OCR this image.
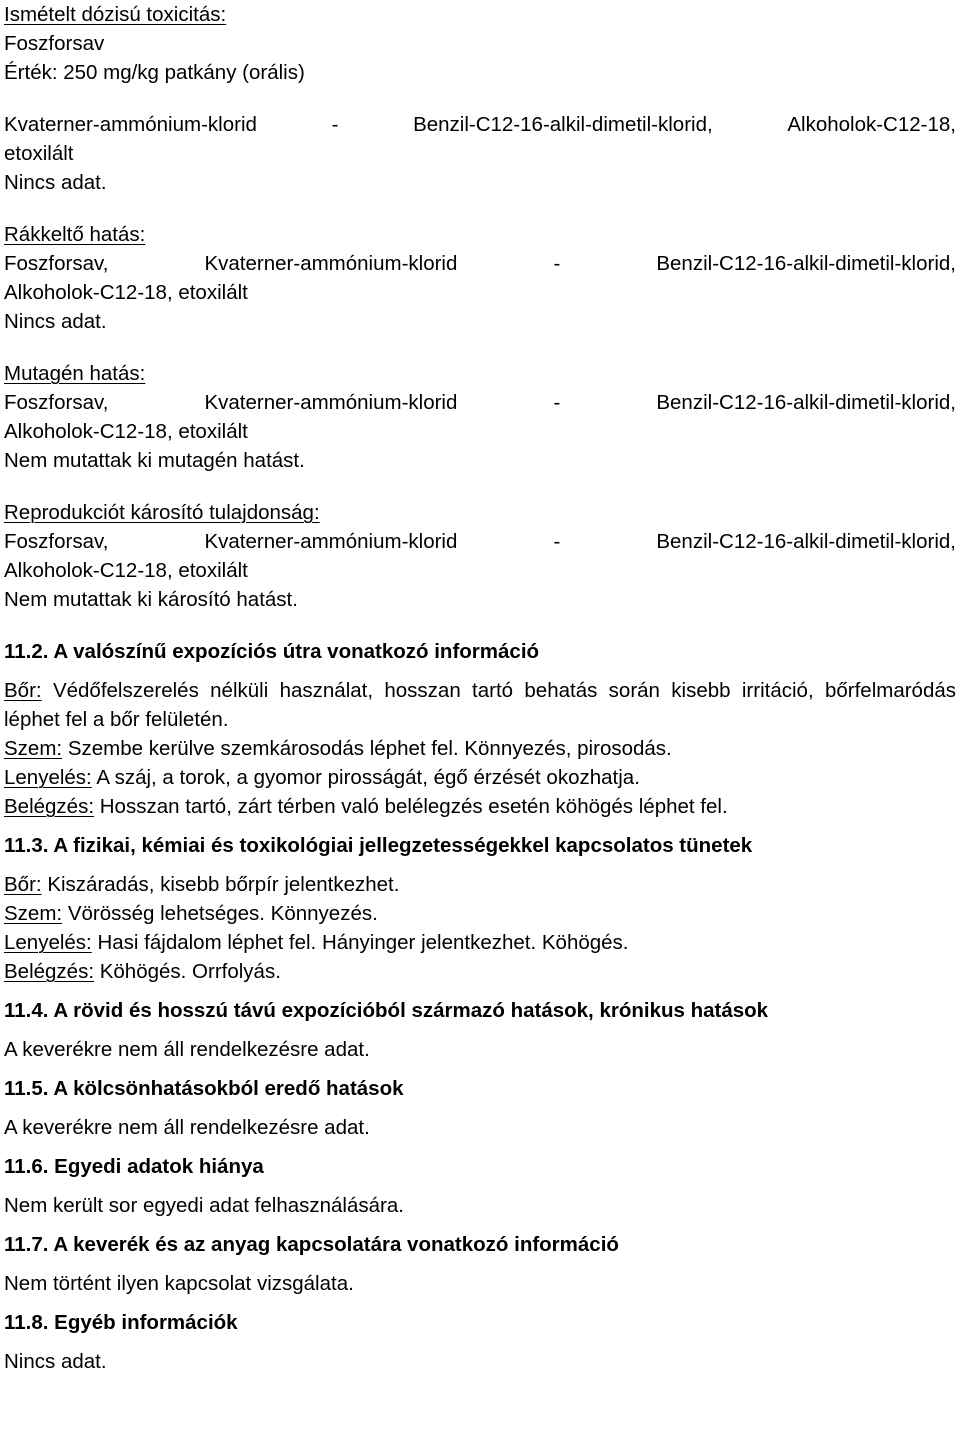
Ismételt dózisú toxicitás:
Foszforsav
Érték: 250 mg/kg patkány (orális)
Kvaterner-ammónium-klorid	-	Benzil-C12-16-alkil-dimetil-klorid,	Alkoholok-C12-18,
etoxilált
Nincs adat.
Rákkeltő hatás:
Foszforsav,	Kvaterner-ammónium-klorid	-	Benzil-C12-16-alkil-dimetil-klorid,
Alkoholok-C12-18, etoxilált
Nincs adat.
Mutagén hatás:
Foszforsav,	Kvaterner-ammónium-klorid	-	Benzil-C12-16-alkil-dimetil-klorid,
Alkoholok-C12-18, etoxilált
Nem mutattak ki mutagén hatást.
Reprodukciót károsító tulajdonság:
Foszforsav,	Kvaterner-ammónium-klorid	-	Benzil-C12-16-alkil-dimetil-klorid,
Alkoholok-C12-18, etoxilált
Nem mutattak ki károsító hatást.
11.2. A valószínű expozíciós útra vonatkozó információ
Bőr: Védőfelszerelés nélküli használat, hosszan tartó behatás során kisebb irritáció, bőrfelmaródás léphet fel a bőr felületén.
Szem: Szembe kerülve szemkárosodás léphet fel. Könnyezés, pirosodás.
Lenyelés: A száj, a torok, a gyomor pirosságát, égő érzését okozhatja.
Belégzés: Hosszan tartó, zárt térben való belélegzés esetén köhögés léphet fel.
11.3. A fizikai, kémiai és toxikológiai jellegzetességekkel kapcsolatos tünetek
Bőr: Kiszáradás, kisebb bőrpír jelentkezhet.
Szem: Vörösség lehetséges. Könnyezés.
Lenyelés: Hasi fájdalom léphet fel. Hányinger jelentkezhet. Köhögés.
Belégzés: Köhögés. Orrfolyás.
11.4. A rövid és hosszú távú expozícióból származó hatások, krónikus hatások
A keverékre nem áll rendelkezésre adat.
11.5. A kölcsönhatásokból eredő hatások
A keverékre nem áll rendelkezésre adat.
11.6. Egyedi adatok hiánya
Nem került sor egyedi adat felhasználására.
11.7. A keverék és az anyag kapcsolatára vonatkozó információ
Nem történt ilyen kapcsolat vizsgálata.
11.8. Egyéb információk
Nincs adat.
